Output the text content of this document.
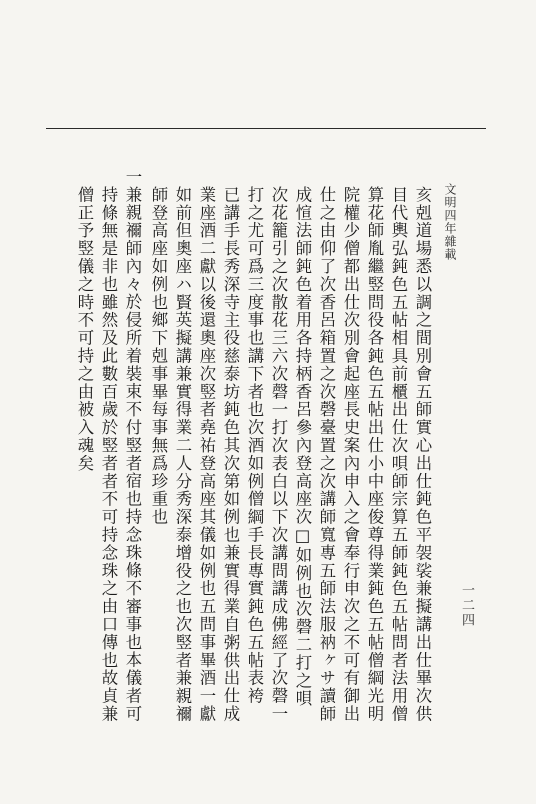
文明四年雜載
一二四
亥剋道場悉以調之間別會五師實心出仕鈍色平袈裟兼擬講出仕畢次供
目代輿弘鈍色五帖相具前櫃出仕次唄師宗算五師鈍色五帖問者法用僧
算花師胤繼竪問役各鈍色五帖出仕小中座俊尊得業鈍色五帖僧綱光明
院權少僧都出仕次別會起座長史案內申入之會奉行申次之不可有御出
仕之由仰了次香呂箱置之次磬臺置之次講師寬專五師法服衲ヶサ讀師
成愃法師鈍色着用各持柄香呂參內登高座次□如例也次磬二打之唄
次花籠引之次散花三六次磬一打次表白以下次講問講成佛經了次磬一
打之尤可爲三度事也講下者也次酒如例僧綱手長專實鈍色五帖表袴
已講手長秀深寺主役慈泰坊鈍色其次第如例也兼實得業自粥供出仕成
業座酒二獻以後還奧座次竪者堯祐登高座其儀如例也五問事畢酒一獻
如前但奧座ハ賢英擬講兼實得業二人分秀深泰增役之也次竪者兼親禰
師登高座如例也鄉下剋事畢每事無爲珍重也
一兼親禰師內々於侵所着裝束不付竪者宿也持念珠條不審事也本儀者可
持條無是非也雖然及此數百歲於竪者者不可持念珠之由口傳也故貞兼
僧正予竪儀之時不可持之由被入魂矣
